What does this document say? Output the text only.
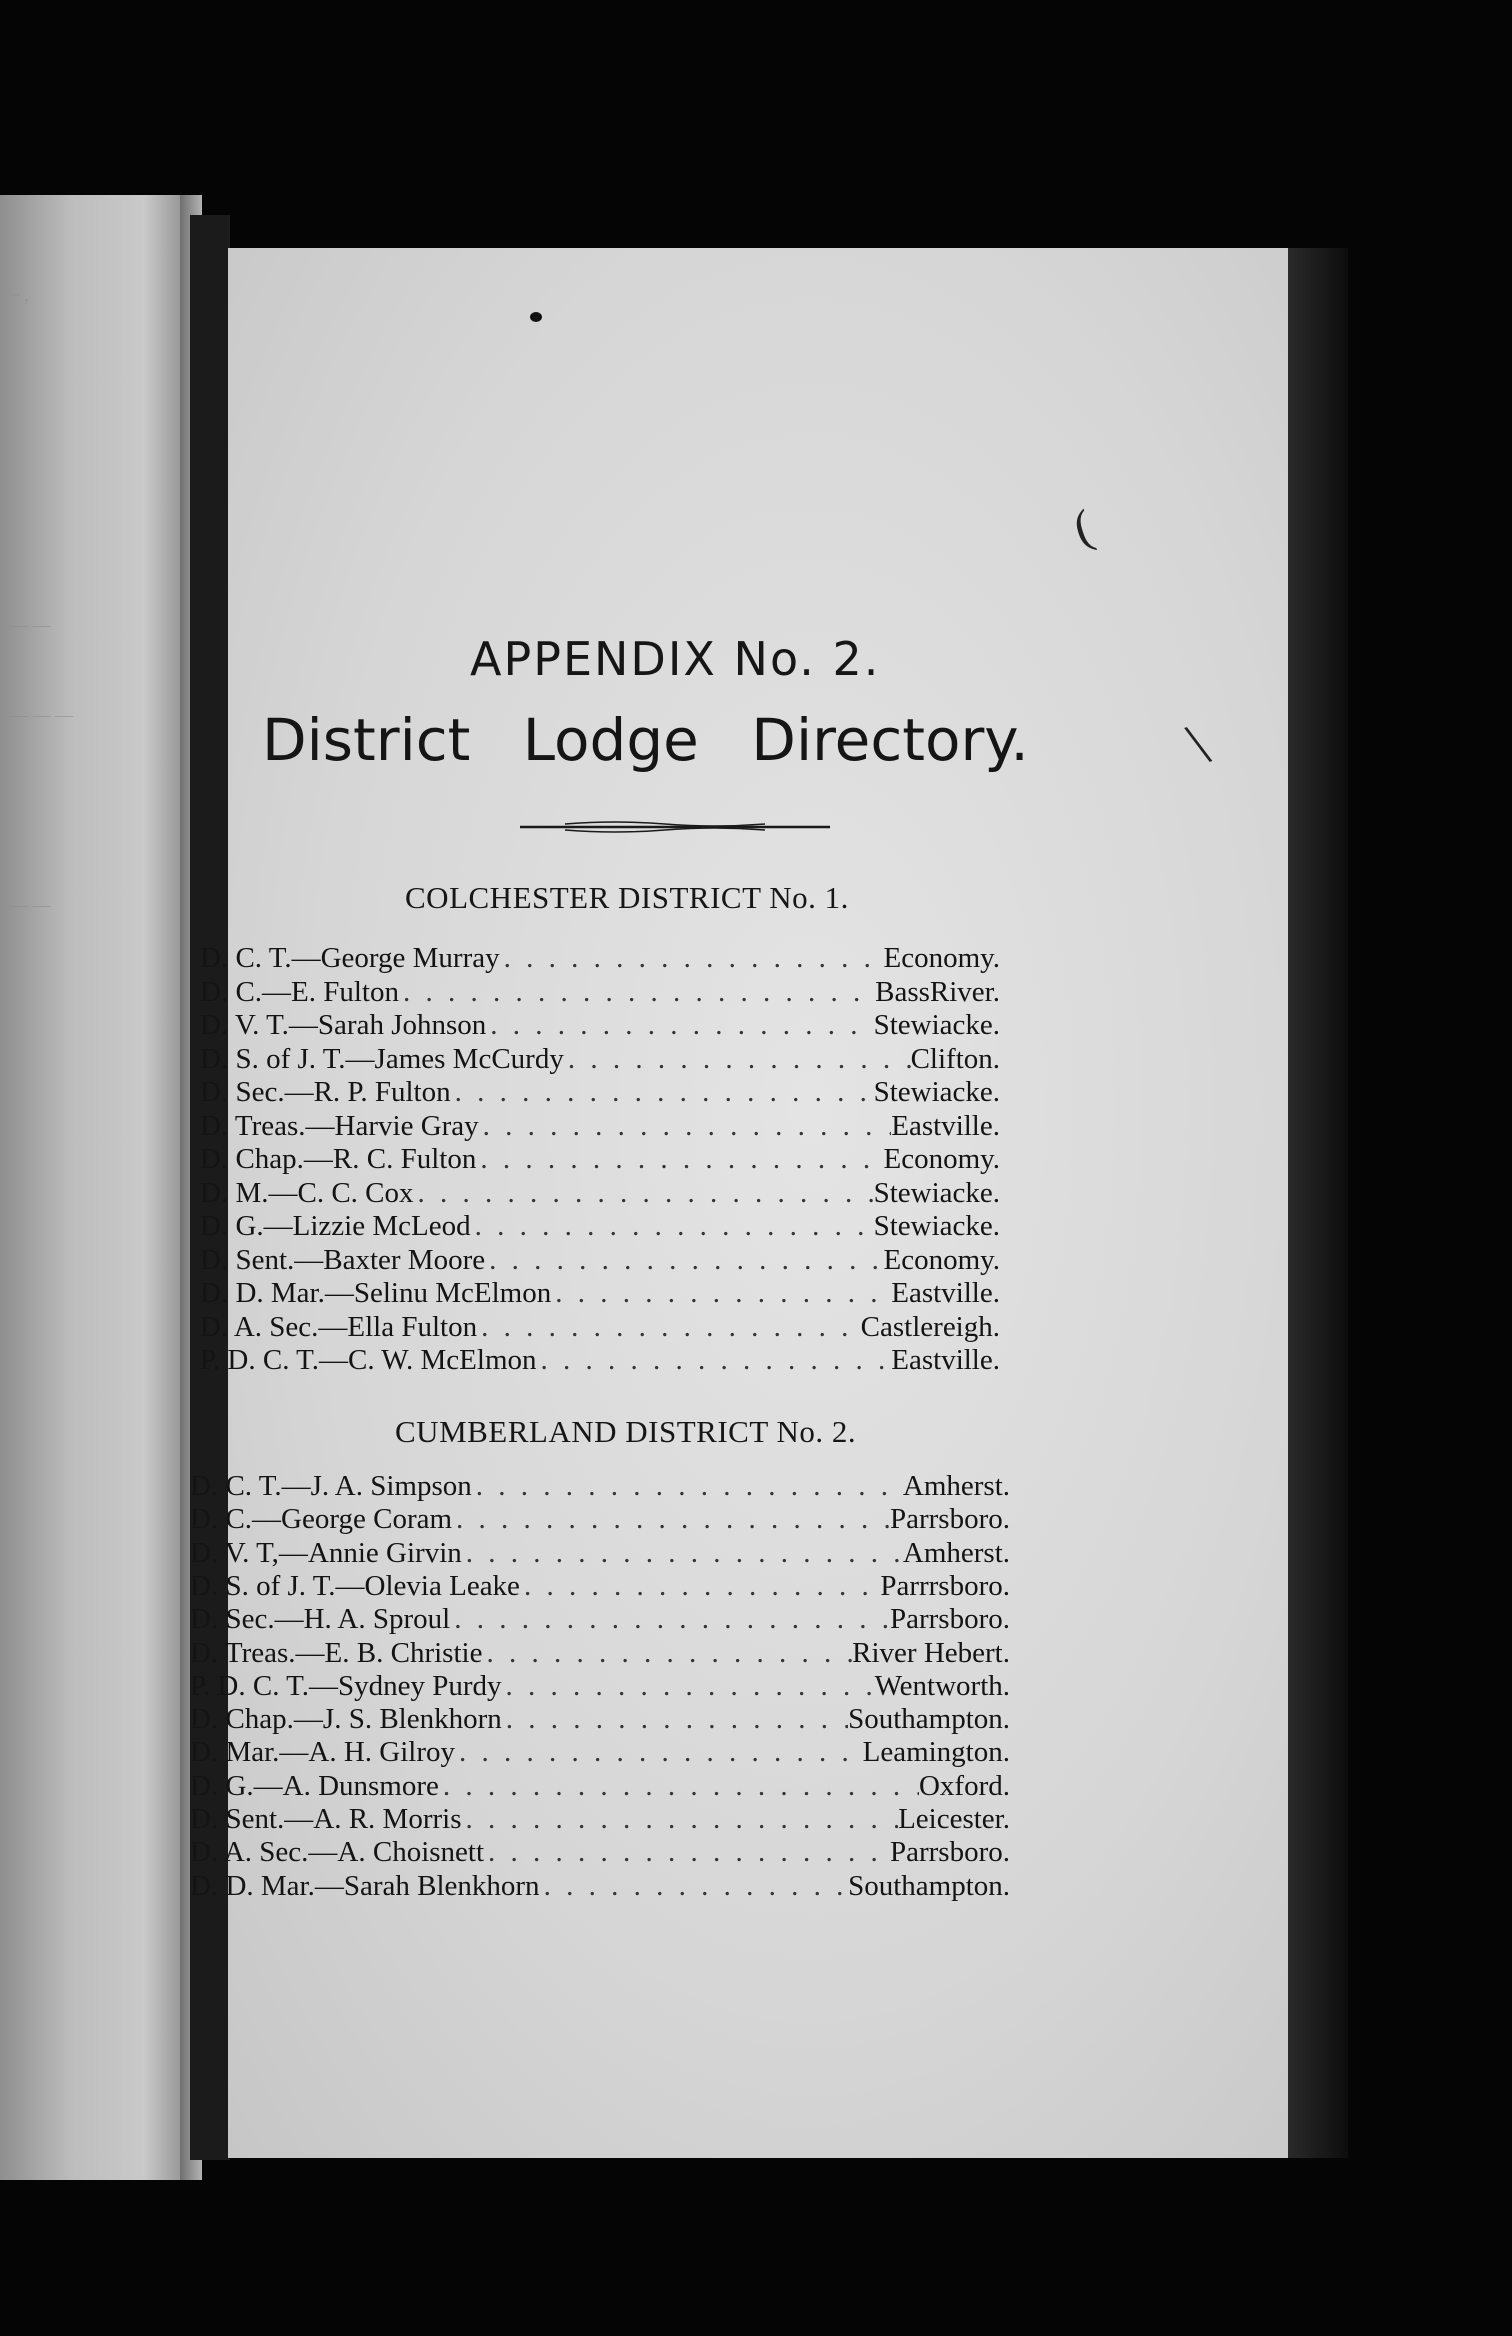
~ ,
— —
— — —
— —
(
\
APPENDIX No. 2.
District Lodge Directory.
COLCHESTER DISTRICT No. 1.
D. C. T.—George Murray . . .	Economy.
D. C.—E. Fulton . . .	BassRiver.
D. V. T.—Sarah Johnson . . .	Stewiacke.
D. S. of J. T.—James McCurdy . . .	Clifton.
D. Sec.—R. P. Fulton . . .	Stewiacke.
D. Treas.—Harvie Gray . . .	Eastville.
D. Chap.—R. C. Fulton . . .	Economy.
D. M.—C. C. Cox . . .	Stewiacke.
D. G.—Lizzie McLeod . . .	Stewiacke.
D. Sent.—Baxter Moore . . .	Economy.
D. D. Mar.—Selinu McElmon . . .	Eastville.
D. A. Sec.—Ella Fulton . . .	Castlereigh.
P. D. C. T.—C. W. McElmon . . .	Eastville.
CUMBERLAND DISTRICT No. 2.
D. C. T.—J. A. Simpson . . .	Amherst.
D. C.—George Coram . . .	Parrsboro.
D. V. T,—Annie Girvin . . .	Amherst.
D. S. of J. T.—Olevia Leake . . .	Parrrsboro.
D. Sec.—H. A. Sproul . . .	Parrsboro.
D. Treas.—E. B. Christie . . .	River Hebert.
P. D. C. T.—Sydney Purdy . . .	Wentworth.
D. Chap.—J. S. Blenkhorn . . .	Southampton.
D. Mar.—A. H. Gilroy . . .	Leamington.
D. G.—A. Dunsmore . . .	Oxford.
D. Sent.—A. R. Morris . . .	Leicester.
D. A. Sec.—A. Choisnett . . .	Parrsboro.
D. D. Mar.—Sarah Blenkhorn . . .	Southampton.
